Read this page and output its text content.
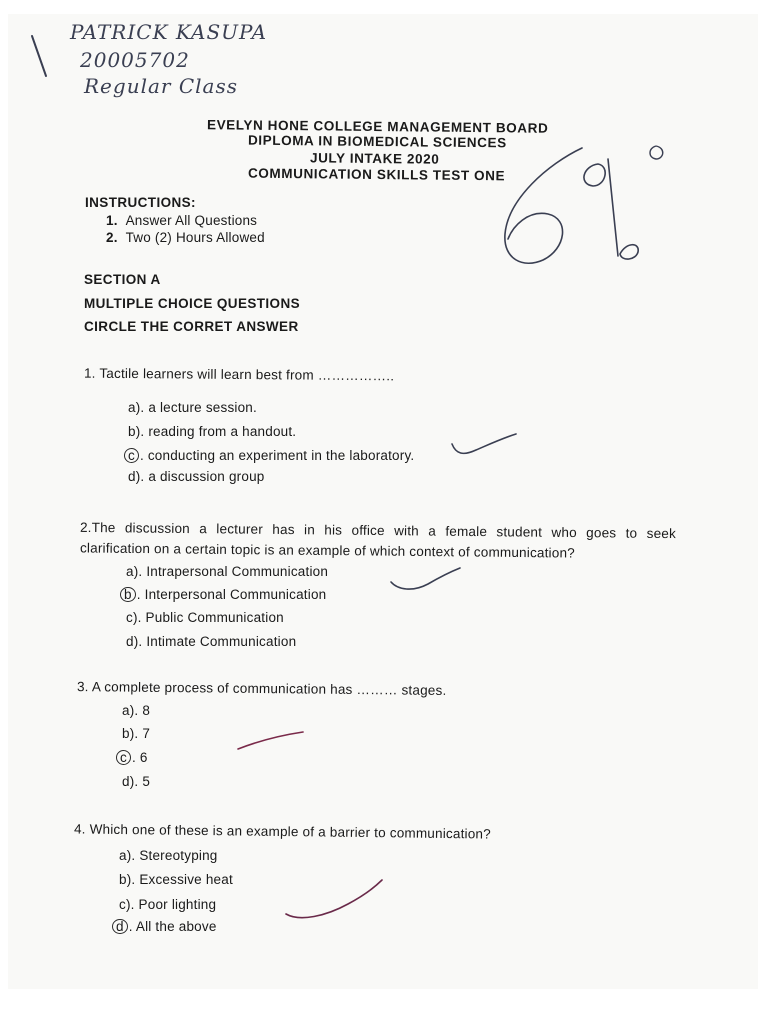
PATRICK KASUPA
20005702
Regular Class
EVELYN HONE COLLEGE MANAGEMENT BOARD
DIPLOMA IN BIOMEDICAL SCIENCES
JULY INTAKE 2020
COMMUNICATION SKILLS TEST ONE
INSTRUCTIONS:
1. Answer All Questions
2. Two (2) Hours Allowed
SECTION A
MULTIPLE CHOICE QUESTIONS
CIRCLE THE CORRET ANSWER
1. Tactile learners will learn best from ……………..
a). a lecture session.
b). reading from a handout.
c . conducting an experiment in the laboratory.
d). a discussion group
2.The discussion a lecturer has in his office with a female student who goes to seek
clarification on a certain topic is an example of which context of communication?
a). Intrapersonal Communication
b . Interpersonal Communication
c). Public Communication
d). Intimate Communication
3. A complete process of communication has ……… stages.
a). 8
b). 7
c . 6
d). 5
4. Which one of these is an example of a barrier to communication?
a). Stereotyping
b). Excessive heat
c). Poor lighting
d . All the above
